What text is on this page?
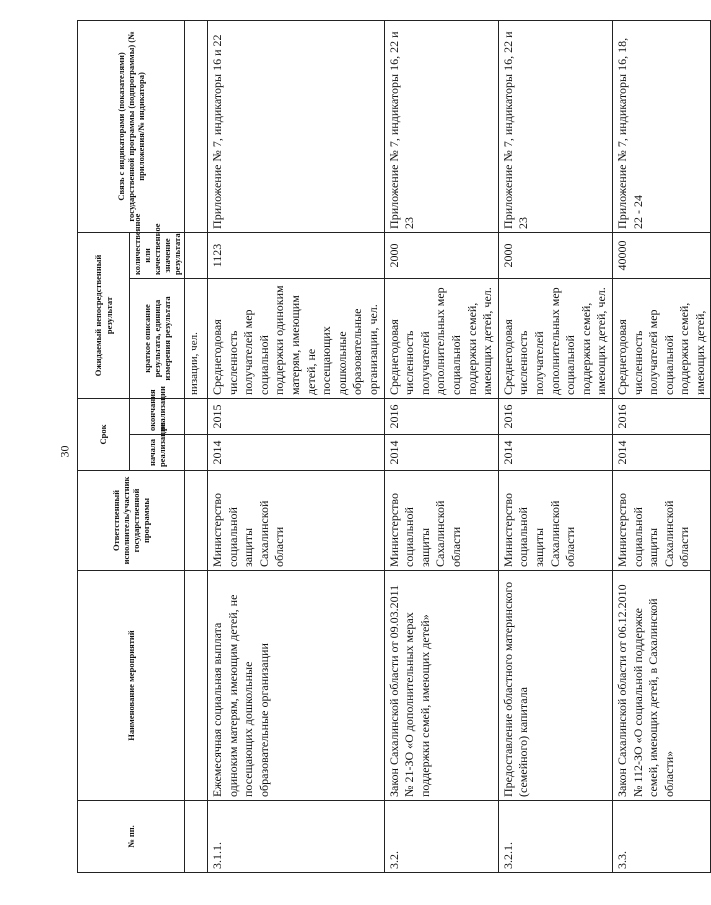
30
№ пп.	Наименование мероприятий	Ответственный исполнитель/участник государственной программы	Срок		Ожидаемый непосредственный результат		Связь с индикаторами (показателями) государственной программы (подпрограммы) (№ приложения/№ индикатора)
			начала реализации	окончания реализации	краткое описание результата, единица измерения результата	количественное или качественное значение результата	
					низации, чел.		
3.1.1.	Ежемесячная социальная выплата одиноким матерям, имеющим детей, не посещающих дошкольные образовательные организации	Министерство социальной защиты Сахалинской области	2014	2015	Среднегодовая численность получателей мер социальной поддержки одиноким матерям, имеющим детей, не посещающих дошкольные образовательные организации, чел.	1123	Приложение № 7, индикаторы 16 и 22
3.2.	Закон Сахалинской области от 09.03.2011 № 21-ЗО «О дополнительных мерах поддержки семей, имеющих детей»	Министерство социальной защиты Сахалинской области	2014	2016	Среднегодовая численность получателей дополнительных мер социальной поддержки семей, имеющих детей, чел.	2000	Приложение № 7, индикаторы 16, 22 и 23
3.2.1.	Предоставление областного материнского (семейного) капитала	Министерство социальной защиты Сахалинской области	2014	2016	Среднегодовая численность получателей дополнительных мер социальной поддержки семей, имеющих детей, чел.	2000	Приложение № 7, индикаторы 16, 22 и 23
3.3.	Закон Сахалинской области от 06.12.2010 № 112-ЗО «О социальной поддержке семей, имеющих детей, в Сахалинской области»	Министерство социальной защиты Сахалинской области	2014	2016	Среднегодовая численность получателей мер социальной поддержки семей, имеющих детей,	40000	Приложение № 7, индикаторы 16, 18, 22 - 24
